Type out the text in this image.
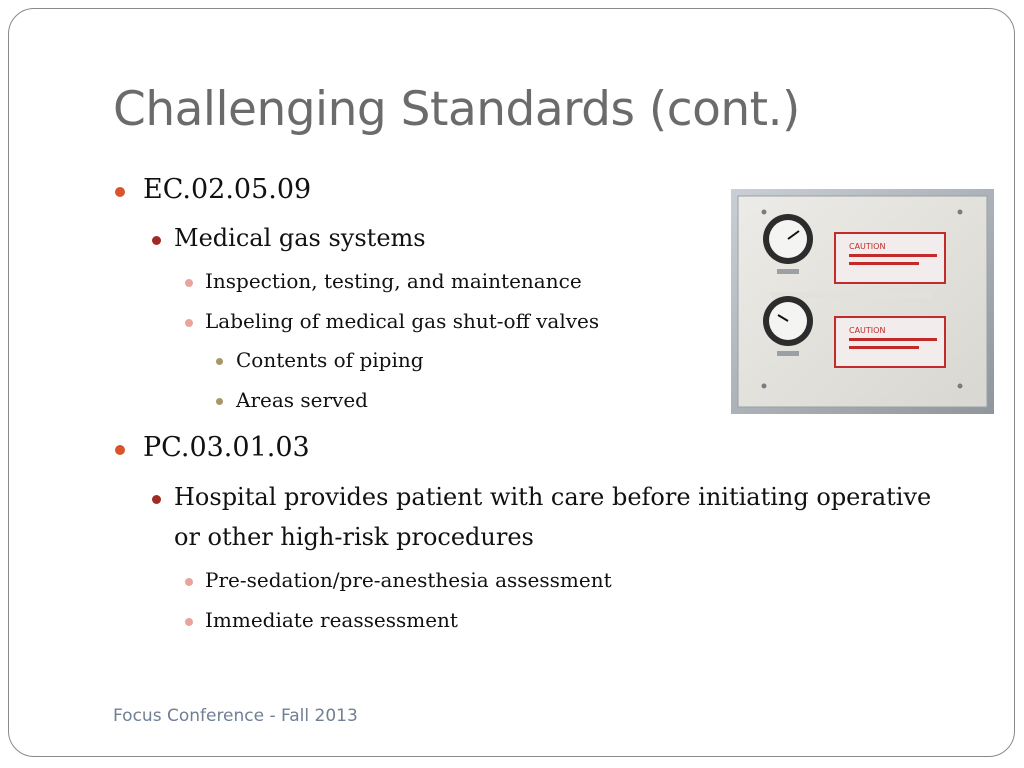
Challenging Standards (cont.)
EC.02.05.09
Medical gas systems
Inspection, testing, and maintenance
Labeling of medical gas shut-off valves
Contents of piping
Areas served
PC.03.01.03
Hospital provides patient with care before initiating operative
or other high-risk procedures
Pre-sedation/pre-anesthesia assessment
Immediate reassessment
CAUTION
CAUTION
Focus Conference - Fall 2013
